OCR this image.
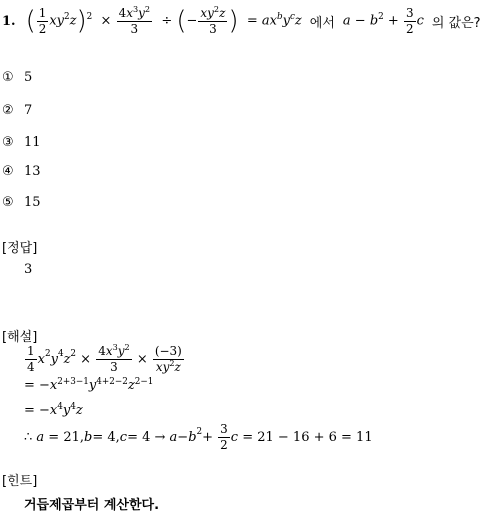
1. ( $\frac{1}{2} xy^2z)^2 \times \frac{4x^3y^2}{3}$ ÷ (− $\frac{xy^2z}{3}$ )  = $ax^by^cz$ 에서 $a - b^2 + \frac{3}{2}$ c 의 값은?
① 5
② 7
③ 11
④ 13
⑤ 15
[정답]
3
[해설]
$\frac{1}{4} x^2$ $y^4$ $z^2 \times \frac{4x^3y^2}{3} \times \frac{(-3)}{xy^2z}$
= $-x^{2+3-1}y^{4+2-2}z^{2-1}$
= $-x^4y^4z$
∴ a = 21, b = 4, $c = 4 \to a - b^2 + \frac{3}{2}$ c = 21 − 16 + 6 = 11
[힌트]
거듭제곱부터 계산한다.
